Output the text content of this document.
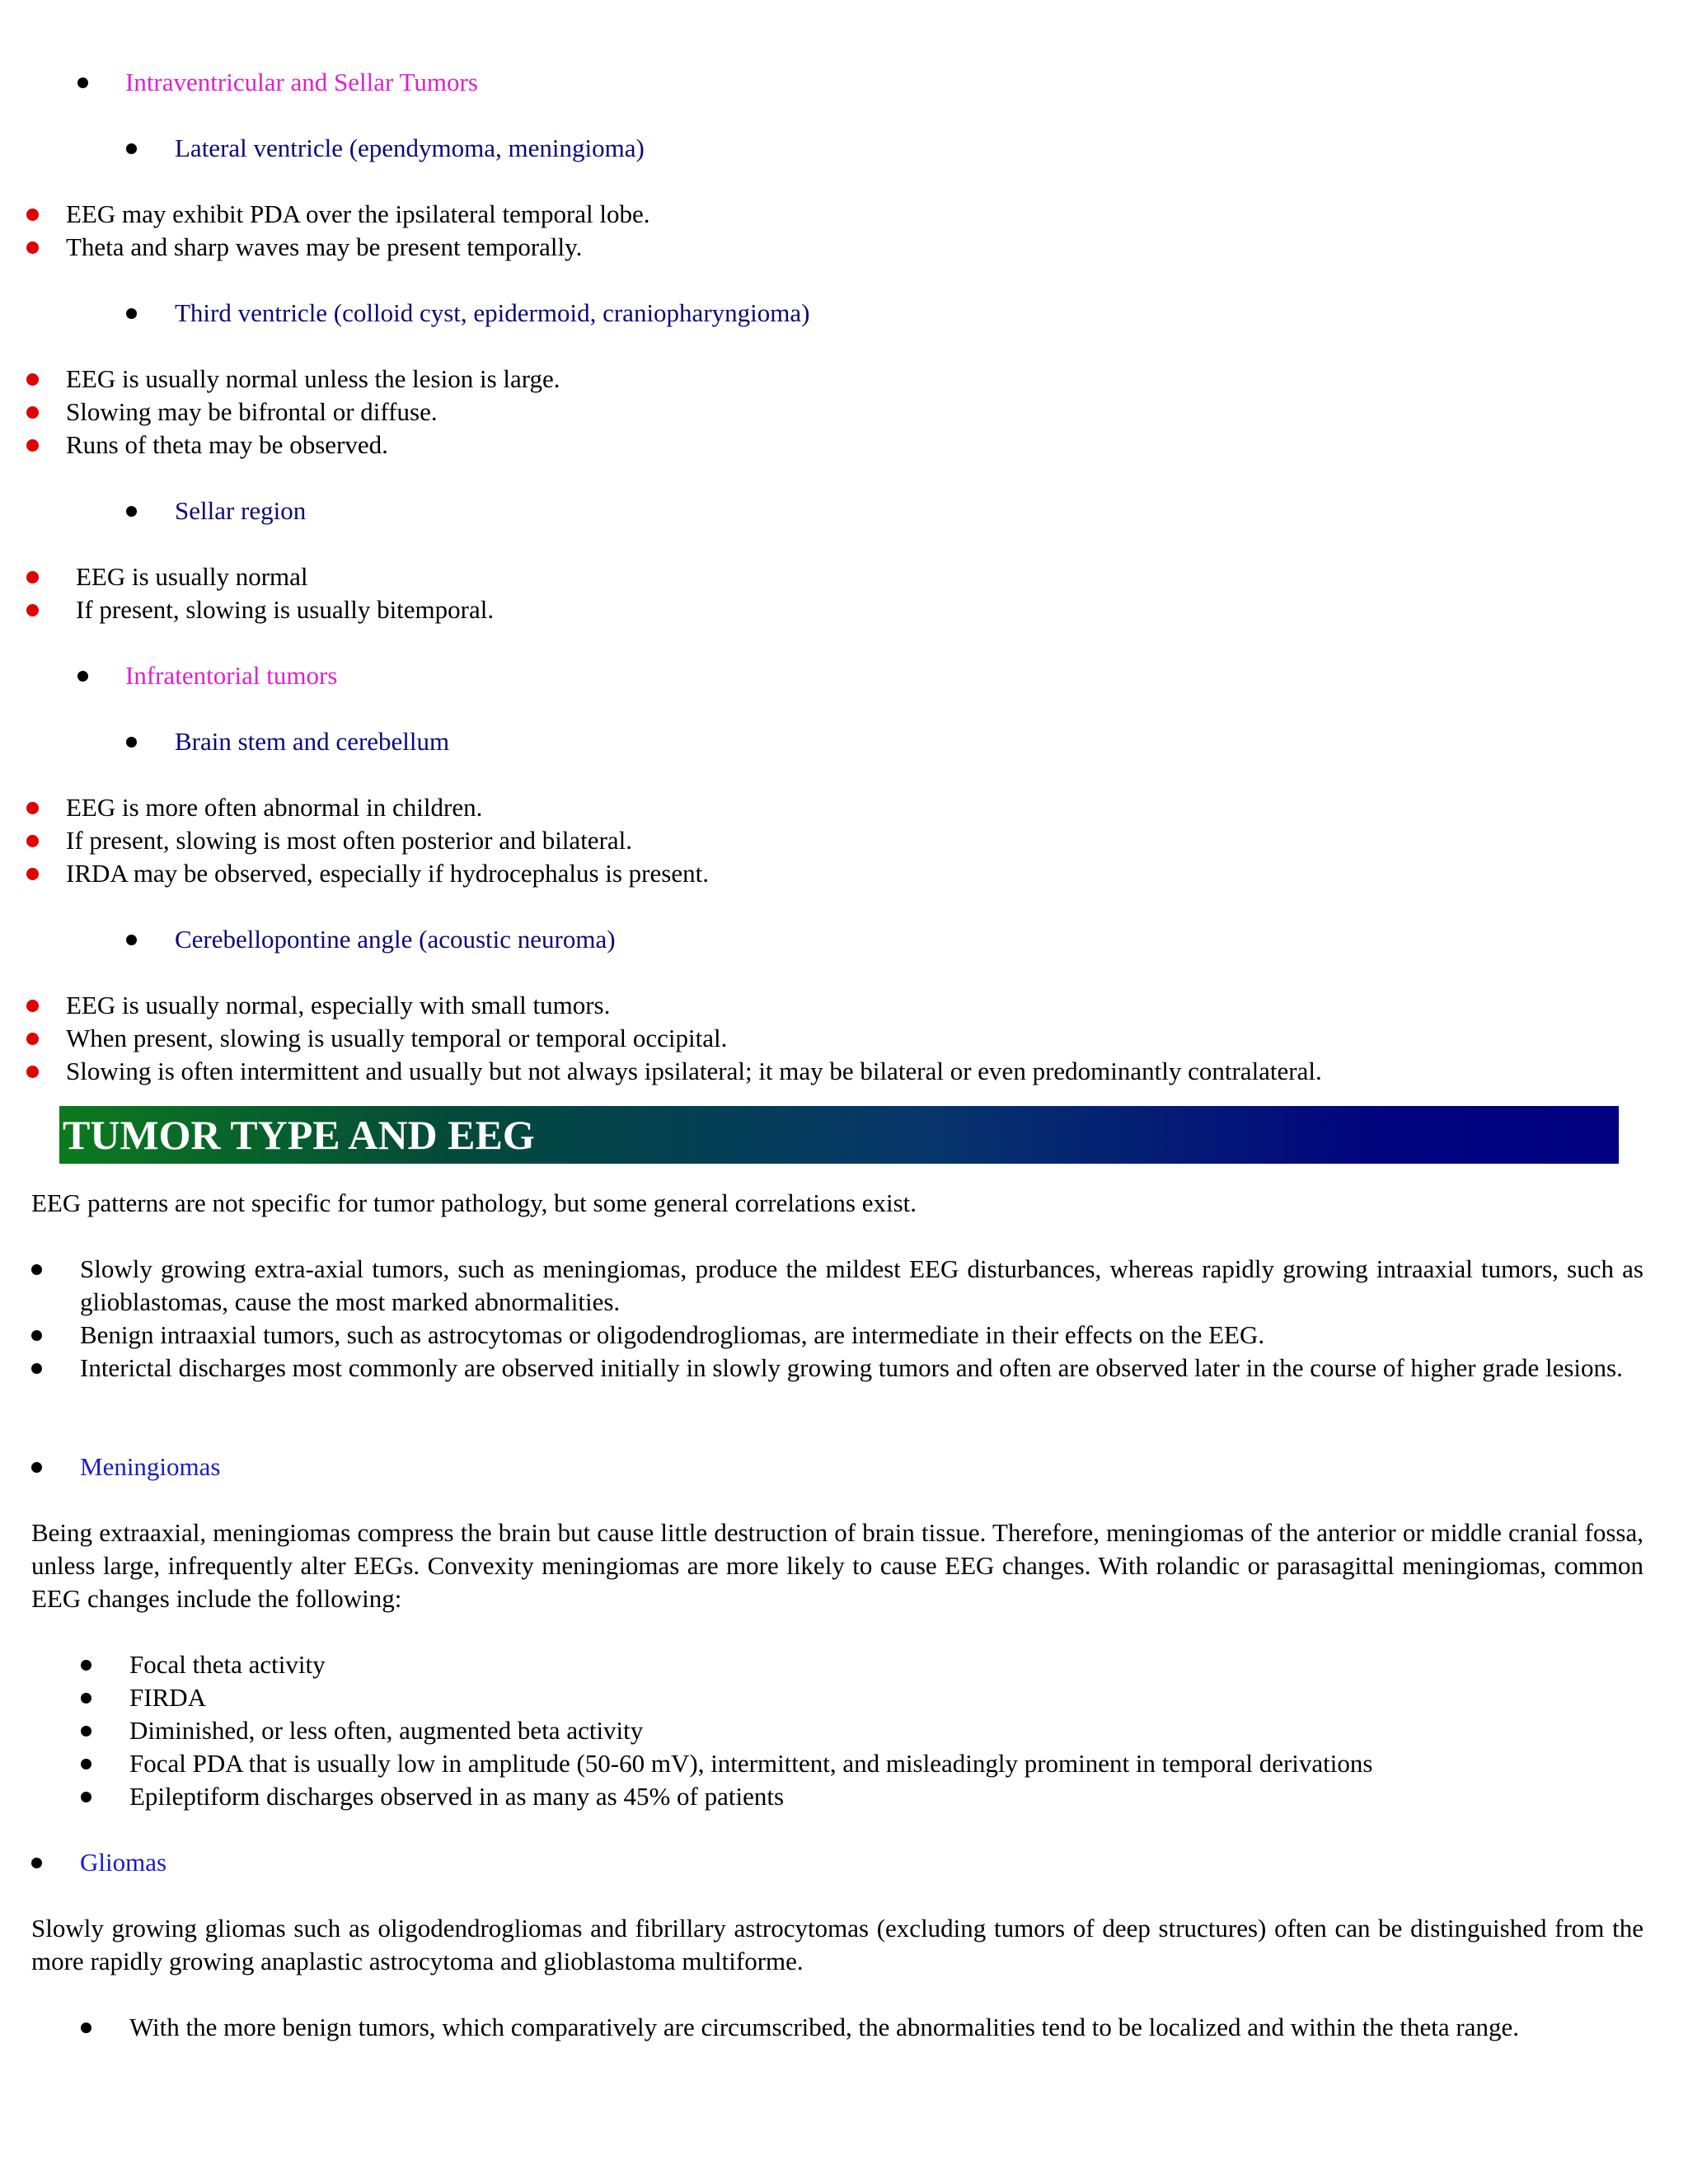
Intraventricular and Sellar Tumors
Lateral ventricle (ependymoma, meningioma)
EEG may exhibit PDA over the ipsilateral temporal lobe.
Theta and sharp waves may be present temporally.
Third ventricle (colloid cyst, epidermoid, craniopharyngioma)
EEG is usually normal unless the lesion is large.
Slowing may be bifrontal or diffuse.
Runs of theta may be observed.
Sellar region
EEG is usually normal
If present, slowing is usually bitemporal.
Infratentorial tumors
Brain stem and cerebellum
EEG is more often abnormal in children.
If present, slowing is most often posterior and bilateral.
IRDA may be observed, especially if hydrocephalus is present.
Cerebellopontine angle (acoustic neuroma)
EEG is usually normal, especially with small tumors.
When present, slowing is usually temporal or temporal occipital.
Slowing is often intermittent and usually but not always ipsilateral; it may be bilateral or even predominantly contralateral.
TUMOR TYPE AND EEG
EEG patterns are not specific for tumor pathology, but some general correlations exist.
Slowly growing extra-axial tumors, such as meningiomas, produce the mildest EEG disturbances, whereas rapidly growing intraaxial tumors, such as glioblastomas, cause the most marked abnormalities.
Benign intraaxial tumors, such as astrocytomas or oligodendrogliomas, are intermediate in their effects on the EEG.
Interictal discharges most commonly are observed initially in slowly growing tumors and often are observed later in the course of higher grade lesions.
Meningiomas
Being extraaxial, meningiomas compress the brain but cause little destruction of brain tissue. Therefore, meningiomas of the anterior or middle cranial fossa, unless large, infrequently alter EEGs. Convexity meningiomas are more likely to cause EEG changes. With rolandic or parasagittal meningiomas, common EEG changes include the following:
Focal theta activity
FIRDA
Diminished, or less often, augmented beta activity
Focal PDA that is usually low in amplitude (50-60 mV), intermittent, and misleadingly prominent in temporal derivations
Epileptiform discharges observed in as many as 45% of patients
Gliomas
Slowly growing gliomas such as oligodendrogliomas and fibrillary astrocytomas (excluding tumors of deep structures) often can be distinguished from the more rapidly growing anaplastic astrocytoma and glioblastoma multiforme.
With the more benign tumors, which comparatively are circumscribed, the abnormalities tend to be localized and within the theta range.
